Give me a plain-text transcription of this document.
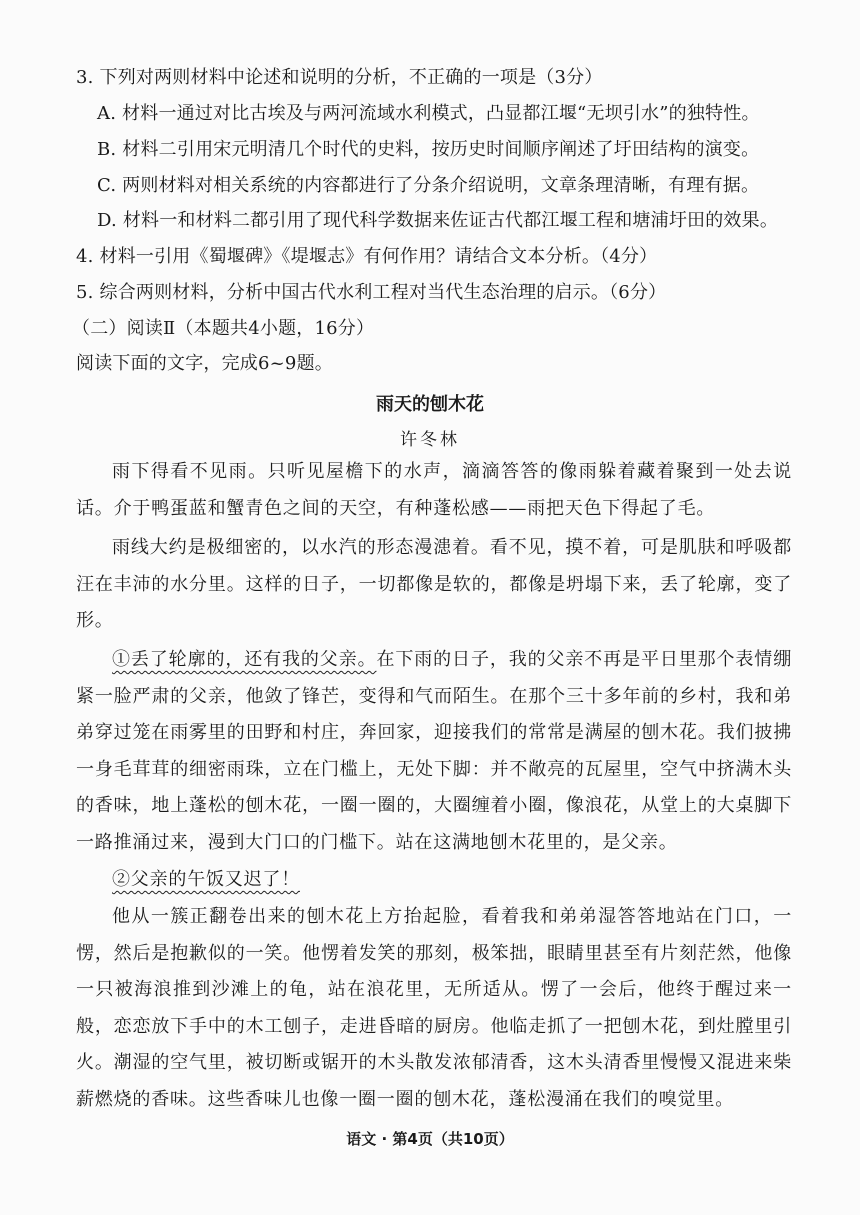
3. 下列对两则材料中论述和说明的分析，不正确的一项是（3分）
A. 材料一通过对比古埃及与两河流域水利模式，凸显都江堰“无坝引水”的独特性。
B. 材料二引用宋元明清几个时代的史料，按历史时间顺序阐述了圩田结构的演变。
C. 两则材料对相关系统的内容都进行了分条介绍说明，文章条理清晰，有理有据。
D. 材料一和材料二都引用了现代科学数据来佐证古代都江堰工程和塘浦圩田的效果。
4. 材料一引用《蜀堰碑》《堤堰志》有何作用？请结合文本分析。（4分）
5. 综合两则材料，分析中国古代水利工程对当代生态治理的启示。（6分）
（二）阅读Ⅱ（本题共4小题，16分）
阅读下面的文字，完成6~9题。
雨天的刨木花
许冬林

雨下得看不见雨。只听见屋檐下的水声，滴滴答答的像雨躲着藏着聚到一处去说话。介于鸭蛋蓝和蟹青色之间的天空，有种蓬松感——雨把天色下得起了毛。

雨线大约是极细密的，以水汽的形态漫漶着。看不见，摸不着，可是肌肤和呼吸都汪在丰沛的水分里。这样的日子，一切都像是软的，都像是坍塌下来，丢了轮廓，变了形。

①丢了轮廓的，还有我的父亲。在下雨的日子，我的父亲不再是平日里那个表情绷紧一脸严肃的父亲，他敛了锋芒，变得和气而陌生。在那个三十多年前的乡村，我和弟弟穿过笼在雨雾里的田野和村庄，奔回家，迎接我们的常常是满屋的刨木花。我们披拂一身毛茸茸的细密雨珠，立在门槛上，无处下脚：并不敞亮的瓦屋里，空气中挤满木头的香味，地上蓬松的刨木花，一圈一圈的，大圈缠着小圈，像浪花，从堂上的大桌脚下一路推涌过来，漫到大门口的门槛下。站在这满地刨木花里的，是父亲。

②父亲的午饭又迟了！

他从一簇正翻卷出来的刨木花上方抬起脸，看着我和弟弟湿答答地站在门口，一愣，然后是抱歉似的一笑。他愣着发笑的那刻，极笨拙，眼睛里甚至有片刻茫然，他像一只被海浪推到沙滩上的龟，站在浪花里，无所适从。愣了一会后，他终于醒过来一般，恋恋放下手中的木工刨子，走进昏暗的厨房。他临走抓了一把刨木花，到灶膛里引火。潮湿的空气里，被切断或锯开的木头散发浓郁清香，这木头清香里慢慢又混进来柴薪燃烧的香味。这些香味儿也像一圈一圈的刨木花，蓬松漫涌在我们的嗅觉里。

语文 · 第4页（共10页）
